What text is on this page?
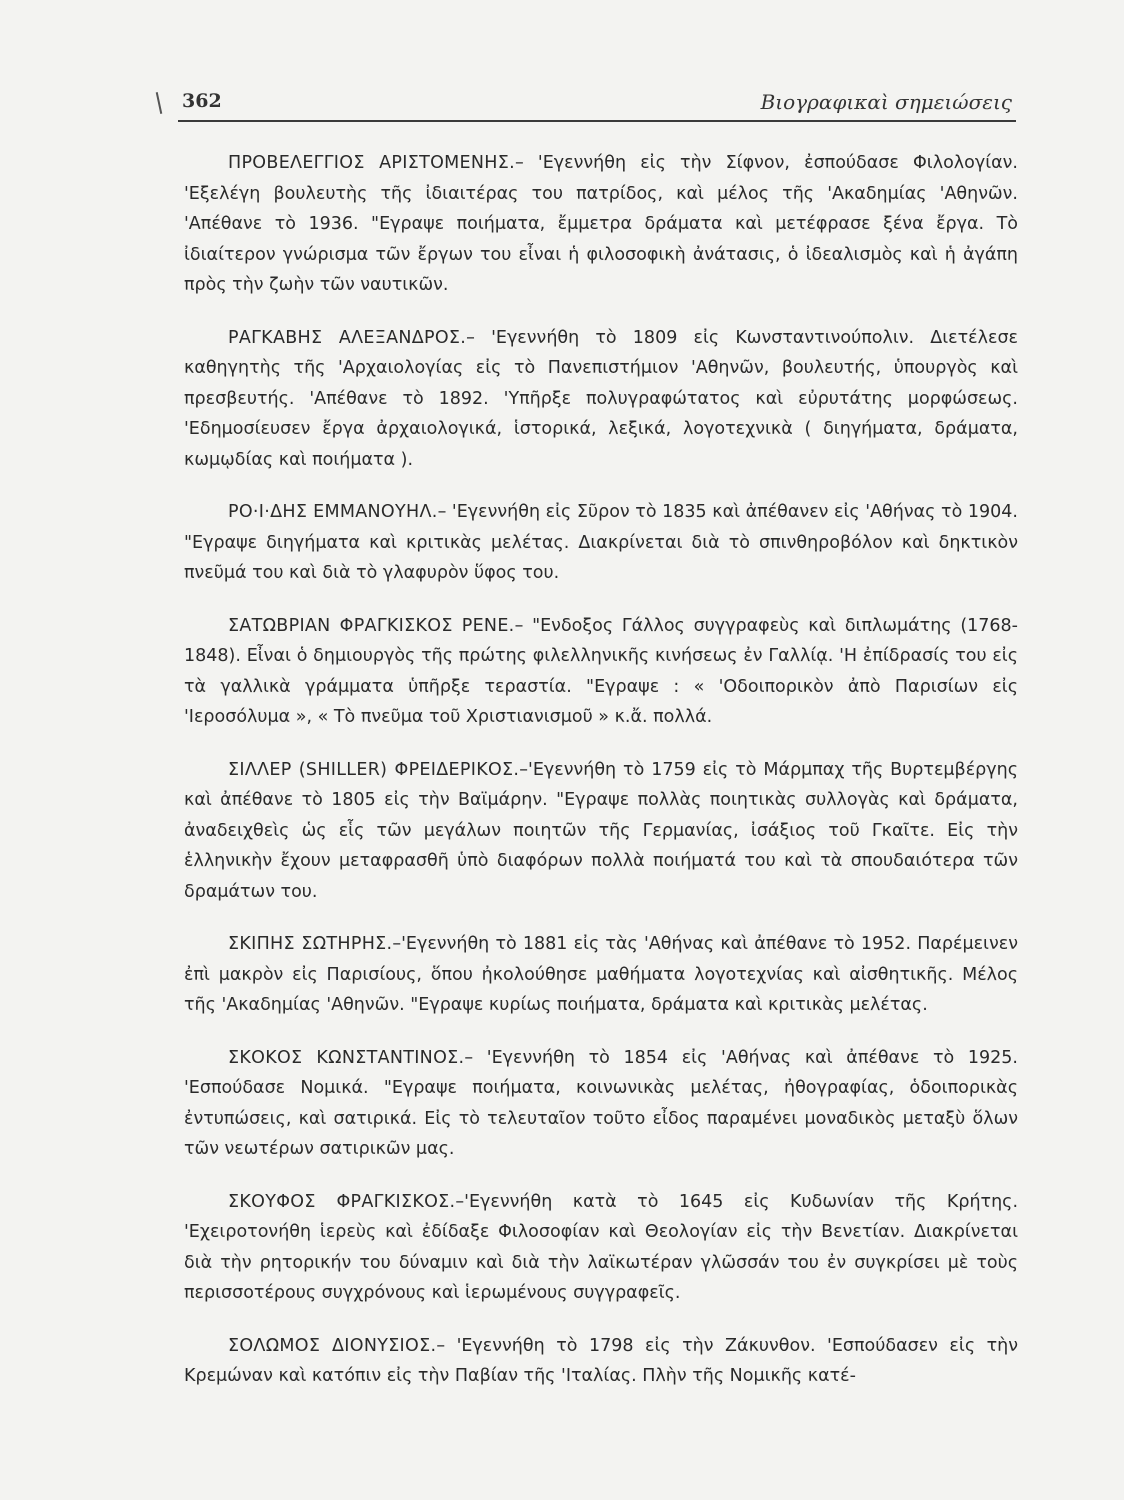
362	Βιογραφικαὶ σημειώσεις

ΠΡΟΒΕΛΕΓΓΙΟΣ ΑΡΙΣΤΟΜΕΝΗΣ.– 'Εγεννήθη εἰς τὴν Σίφνον, ἐσπούδασε Φιλολογίαν. 'Εξελέγη βουλευτὴς τῆς ἰδιαιτέρας του πατρίδος, καὶ μέλος τῆς 'Ακαδημίας 'Αθηνῶν. 'Απέθανε τὸ 1936. "Εγραψε ποιήματα, ἔμμετρα δράματα καὶ μετέφρασε ξένα ἔργα. Τὸ ἰδιαίτερον γνώρισμα τῶν ἔργων του εἶναι ἡ φιλοσοφικὴ ἀνάτασις, ὁ ἰδεαλισμὸς καὶ ἡ ἀγάπη πρὸς τὴν ζωὴν τῶν ναυτικῶν.

ΡΑΓΚΑΒΗΣ ΑΛΕΞΑΝΔΡΟΣ.– 'Εγεννήθη τὸ 1809 εἰς Κωνσταντινούπολιν. Διετέλεσε καθηγητὴς τῆς 'Αρχαιολογίας εἰς τὸ Πανεπιστήμιον 'Αθηνῶν, βουλευτής, ὑπουργὸς καὶ πρεσβευτής. 'Απέθανε τὸ 1892. 'Υπῆρξε πολυγραφώτατος καὶ εὐρυτάτης μορφώσεως. 'Εδημοσίευσεν ἔργα ἀρχαιολογικά, ἱστορικά, λεξικά, λογοτεχνικὰ ( διηγήματα, δράματα, κωμῳδίας καὶ ποιήματα ).

ΡΟ·Ι·ΔΗΣ ΕΜΜΑΝΟΥΗΛ.– 'Εγεννήθη εἰς Σῦρον τὸ 1835 καὶ ἀπέθανεν εἰς 'Αθήνας τὸ 1904. "Εγραψε διηγήματα καὶ κριτικὰς μελέτας. Διακρίνεται διὰ τὸ σπινθηροβόλον καὶ δηκτικὸν πνεῦμά του καὶ διὰ τὸ γλαφυρὸν ὕφος του.

ΣΑΤΩΒΡΙΑΝ ΦΡΑΓΚΙΣΚΟΣ ΡΕΝΕ.– "Ενδοξος Γάλλος συγγραφεὺς καὶ διπλωμάτης (1768-1848). Εἶναι ὁ δημιουργὸς τῆς πρώτης φιλελληνικῆς κινήσεως ἐν Γαλλίᾳ. 'Η ἐπίδρασίς του εἰς τὰ γαλλικὰ γράμματα ὑπῆρξε τεραστία. "Εγραψε : « 'Οδοιπορικὸν ἀπὸ Παρισίων εἰς 'Ιεροσόλυμα », « Τὸ πνεῦμα τοῦ Χριστιανισμοῦ » κ.ἄ. πολλά.

ΣΙΛΛΕΡ (SHILLER) ΦΡΕΙΔΕΡΙΚΟΣ.–'Εγεννήθη τὸ 1759 εἰς τὸ Μάρμπαχ τῆς Βυρτεμβέργης καὶ ἀπέθανε τὸ 1805 εἰς τὴν Βαϊμάρην. "Εγραψε πολλὰς ποιητικὰς συλλογὰς καὶ δράματα, ἀναδειχθεὶς ὡς εἷς τῶν μεγάλων ποιητῶν τῆς Γερμανίας, ἰσάξιος τοῦ Γκαῖτε. Εἰς τὴν ἑλληνικὴν ἔχουν μεταφρασθῆ ὑπὸ διαφόρων πολλὰ ποιήματά του καὶ τὰ σπουδαιότερα τῶν δραμάτων του.

ΣΚΙΠΗΣ ΣΩΤΗΡΗΣ.–'Εγεννήθη τὸ 1881 εἰς τὰς 'Αθήνας καὶ ἀπέθανε τὸ 1952. Παρέμεινεν ἐπὶ μακρὸν εἰς Παρισίους, ὅπου ἠκολούθησε μαθήματα λογοτεχνίας καὶ αἰσθητικῆς. Μέλος τῆς 'Ακαδημίας 'Αθηνῶν. "Εγραψε κυρίως ποιήματα, δράματα καὶ κριτικὰς μελέτας.

ΣΚΟΚΟΣ ΚΩΝΣΤΑΝΤΙΝΟΣ.– 'Εγεννήθη τὸ 1854 εἰς 'Αθήνας καὶ ἀπέθανε τὸ 1925. 'Εσπούδασε Νομικά. "Εγραψε ποιήματα, κοινωνικὰς μελέτας, ἠθογραφίας, ὁδοιπορικὰς ἐντυπώσεις, καὶ σατιρικά. Εἰς τὸ τελευταῖον τοῦτο εἶδος παραμένει μοναδικὸς μεταξὺ ὅλων τῶν νεωτέρων σατιρικῶν μας.

ΣΚΟΥΦΟΣ ΦΡΑΓΚΙΣΚΟΣ.–'Εγεννήθη κατὰ τὸ 1645 εἰς Κυδωνίαν τῆς Κρήτης. 'Εχειροτονήθη ἱερεὺς καὶ ἐδίδαξε Φιλοσοφίαν καὶ Θεολογίαν εἰς τὴν Βενετίαν. Διακρίνεται διὰ τὴν ρητορικήν του δύναμιν καὶ διὰ τὴν λαϊκωτέραν γλῶσσάν του ἐν συγκρίσει μὲ τοὺς περισσοτέρους συγχρόνους καὶ ἱερωμένους συγγραφεῖς.

ΣΟΛΩΜΟΣ ΔΙΟΝΥΣΙΟΣ.– 'Εγεννήθη τὸ 1798 εἰς τὴν Ζάκυνθον. 'Εσπούδασεν εἰς τὴν Κρεμώναν καὶ κατόπιν εἰς τὴν Παβίαν τῆς 'Ιταλίας. Πλὴν τῆς Νομικῆς κατέ-
